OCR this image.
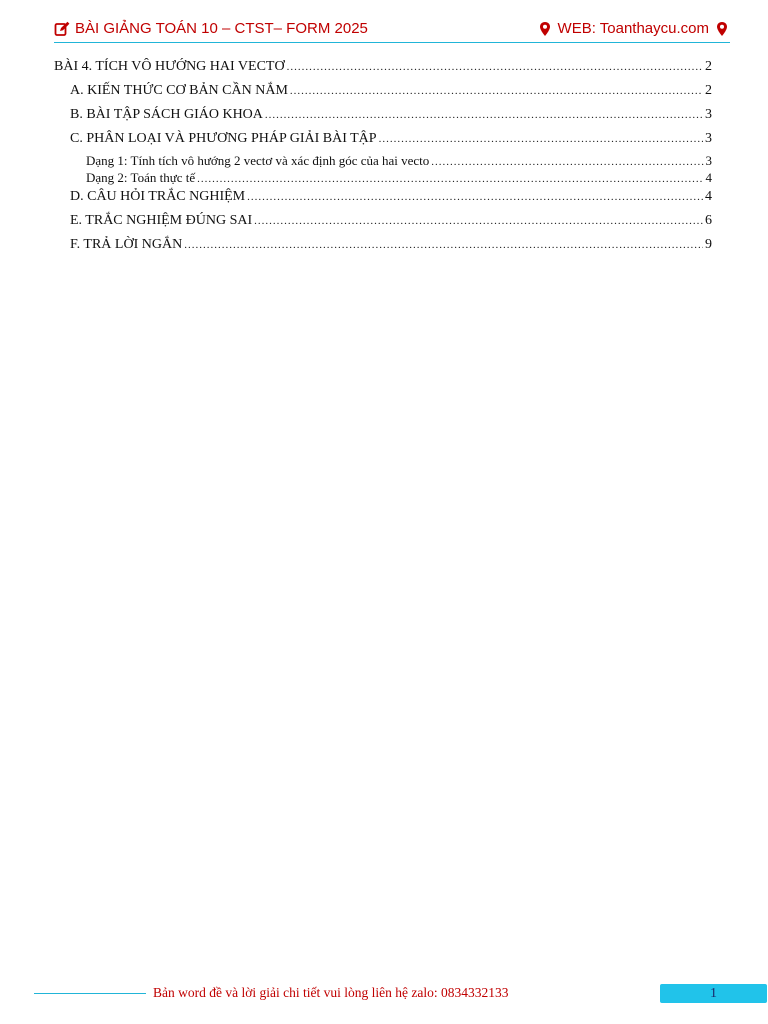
BÀI GIẢNG TOÁN 10 – CTST– FORM 2025	WEB: Toanthaycu.com
BÀI 4. TÍCH VÔ HƯỚNG HAI VECTƠ .....	2
A. KIẾN THỨC CƠ BẢN CẦN NẮM .....	2
B. BÀI TẬP SÁCH GIÁO KHOA .....	3
C. PHÂN LOẠI VÀ PHƯƠNG PHÁP GIẢI BÀI TẬP .....	3
Dạng 1: Tính tích vô hướng 2 vectơ và xác định góc của hai vecto .....	3
Dạng 2: Toán thực tế .....	4
D. CÂU HỎI TRẮC NGHIỆM .....	4
E. TRẮC NGHIỆM ĐÚNG SAI .....	6
F. TRẢ LỜI NGẮN .....	9
Bản word đề và lời giải chi tiết vui lòng liên hệ zalo: 0834332133	1
